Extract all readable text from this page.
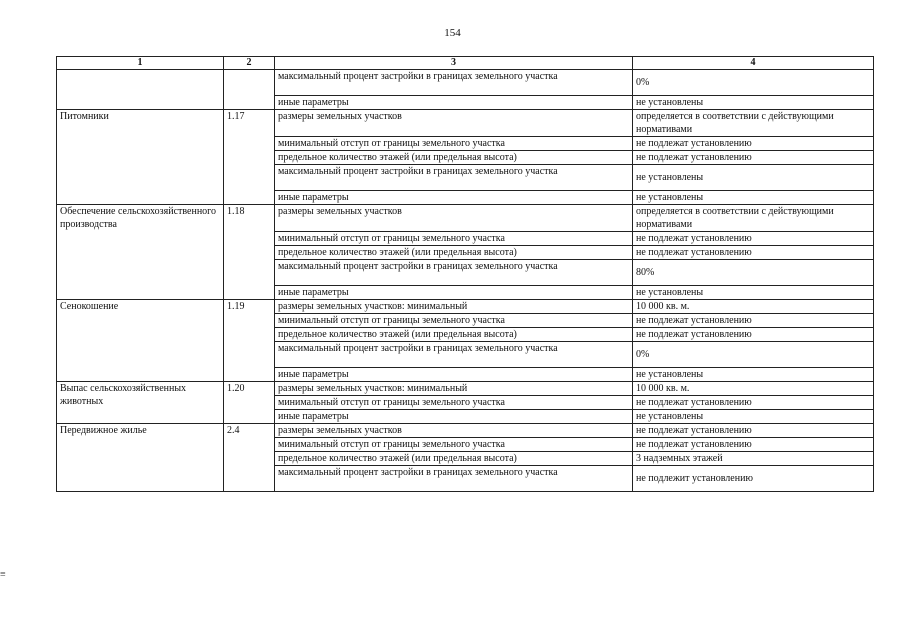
154
1	2	3	4
		максимальный процент застройки в границах земельного участка	0%
		иные параметры	не установлены
Питомники	1.17	размеры земельных участков	определяется в соответствии с действующими нормативами
		минимальный отступ от границы земельного участка	не подлежат установлению
		предельное количество этажей (или предельная высота)	не подлежат установлению
		максимальный процент застройки в границах земельного участка	не установлены
		иные параметры	не установлены
Обеспечение сельскохозяйственного производства	1.18	размеры земельных участков	определяется в соответствии с действующими нормативами
		минимальный отступ от границы земельного участка	не подлежат установлению
		предельное количество этажей (или предельная высота)	не подлежат установлению
		максимальный процент застройки в границах земельного участка	80%
		иные параметры	не установлены
Сенокошение	1.19	размеры земельных участков: минимальный	10 000 кв. м.
		минимальный отступ от границы земельного участка	не подлежат установлению
		предельное количество этажей (или предельная высота)	не подлежат установлению
		максимальный процент застройки в границах земельного участка	0%
		иные параметры	не установлены
Выпас сельскохозяйственных животных	1.20	размеры земельных участков: минимальный	10 000 кв. м.
		минимальный отступ от границы земельного участка	не подлежат установлению
		иные параметры	не установлены
Передвижное жилье	2.4	размеры земельных участков	не подлежат установлению
		минимальный отступ от границы земельного участка	не подлежат установлению
		предельное количество этажей (или предельная высота)	3 надземных этажей
		максимальный процент застройки в границах земельного участка	не подлежит установлению
≡
